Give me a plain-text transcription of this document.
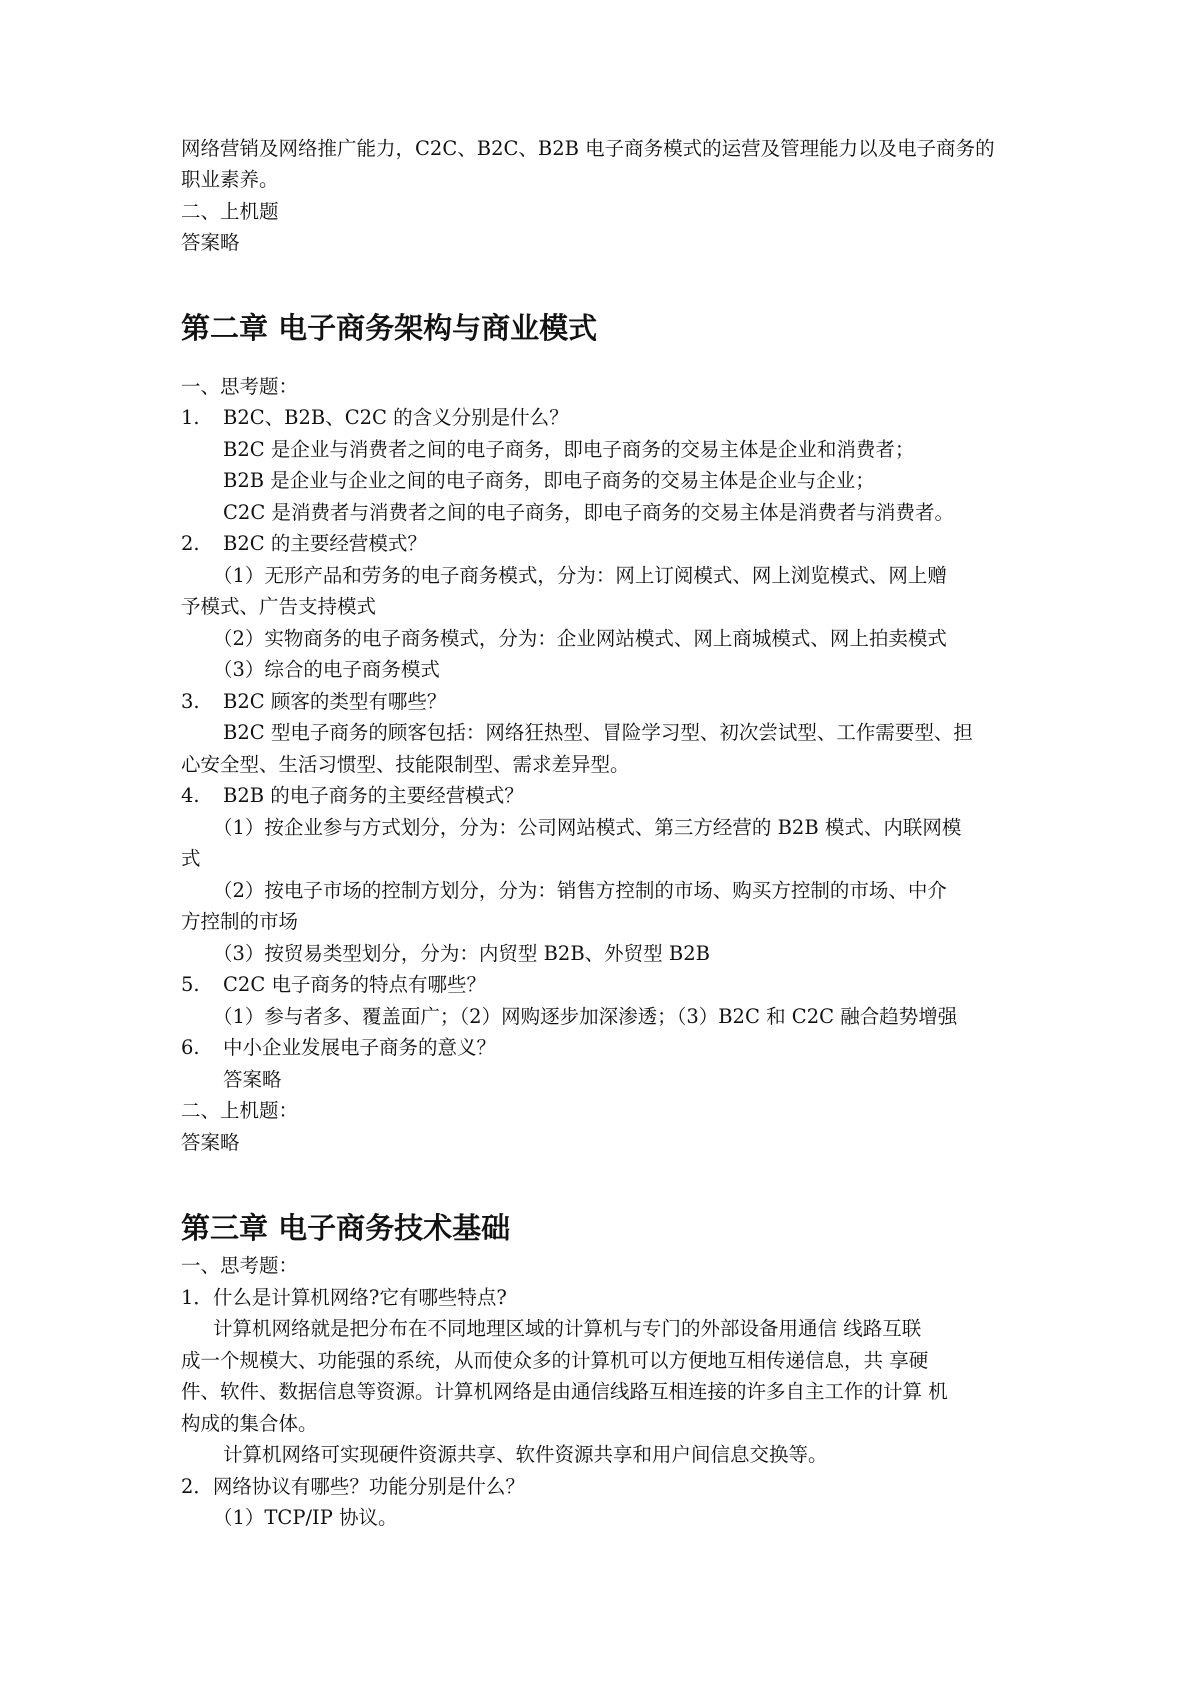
网络营销及网络推广能力，C2C、B2C、B2B 电子商务模式的运营及管理能力以及电子商务的
职业素养。
二、上机题
答案略
第二章 电子商务架构与商业模式
一、思考题：
1. B2C、B2B、C2C 的含义分别是什么？
B2C 是企业与消费者之间的电子商务，即电子商务的交易主体是企业和消费者；
B2B 是企业与企业之间的电子商务，即电子商务的交易主体是企业与企业；
C2C 是消费者与消费者之间的电子商务，即电子商务的交易主体是消费者与消费者。
2. B2C 的主要经营模式？
（1）无形产品和劳务的电子商务模式，分为：网上订阅模式、网上浏览模式、网上赠
予模式、广告支持模式
（2）实物商务的电子商务模式，分为：企业网站模式、网上商城模式、网上拍卖模式
（3）综合的电子商务模式
3. B2C 顾客的类型有哪些？
B2C 型电子商务的顾客包括：网络狂热型、冒险学习型、初次尝试型、工作需要型、担
心安全型、生活习惯型、技能限制型、需求差异型。
4. B2B 的电子商务的主要经营模式？
（1）按企业参与方式划分，分为：公司网站模式、第三方经营的 B2B 模式、内联网模
式
（2）按电子市场的控制方划分，分为：销售方控制的市场、购买方控制的市场、中介
方控制的市场
（3）按贸易类型划分，分为：内贸型 B2B、外贸型 B2B
5. C2C 电子商务的特点有哪些？
（1）参与者多、覆盖面广；（2）网购逐步加深渗透；（3）B2C 和 C2C 融合趋势增强
6. 中小企业发展电子商务的意义？
答案略
二、上机题：
答案略
第三章 电子商务技术基础
一、思考题：
1．什么是计算机网络?它有哪些特点?
计算机网络就是把分布在不同地理区域的计算机与专门的外部设备用通信 线路互联
成一个规模大、功能强的系统，从而使众多的计算机可以方便地互相传递信息，共 享硬
件、软件、数据信息等资源。计算机网络是由通信线路互相连接的许多自主工作的计算 机
构成的集合体。
计算机网络可实现硬件资源共享、软件资源共享和用户间信息交换等。
2．网络协议有哪些？功能分别是什么？
（1）TCP/IP 协议。
